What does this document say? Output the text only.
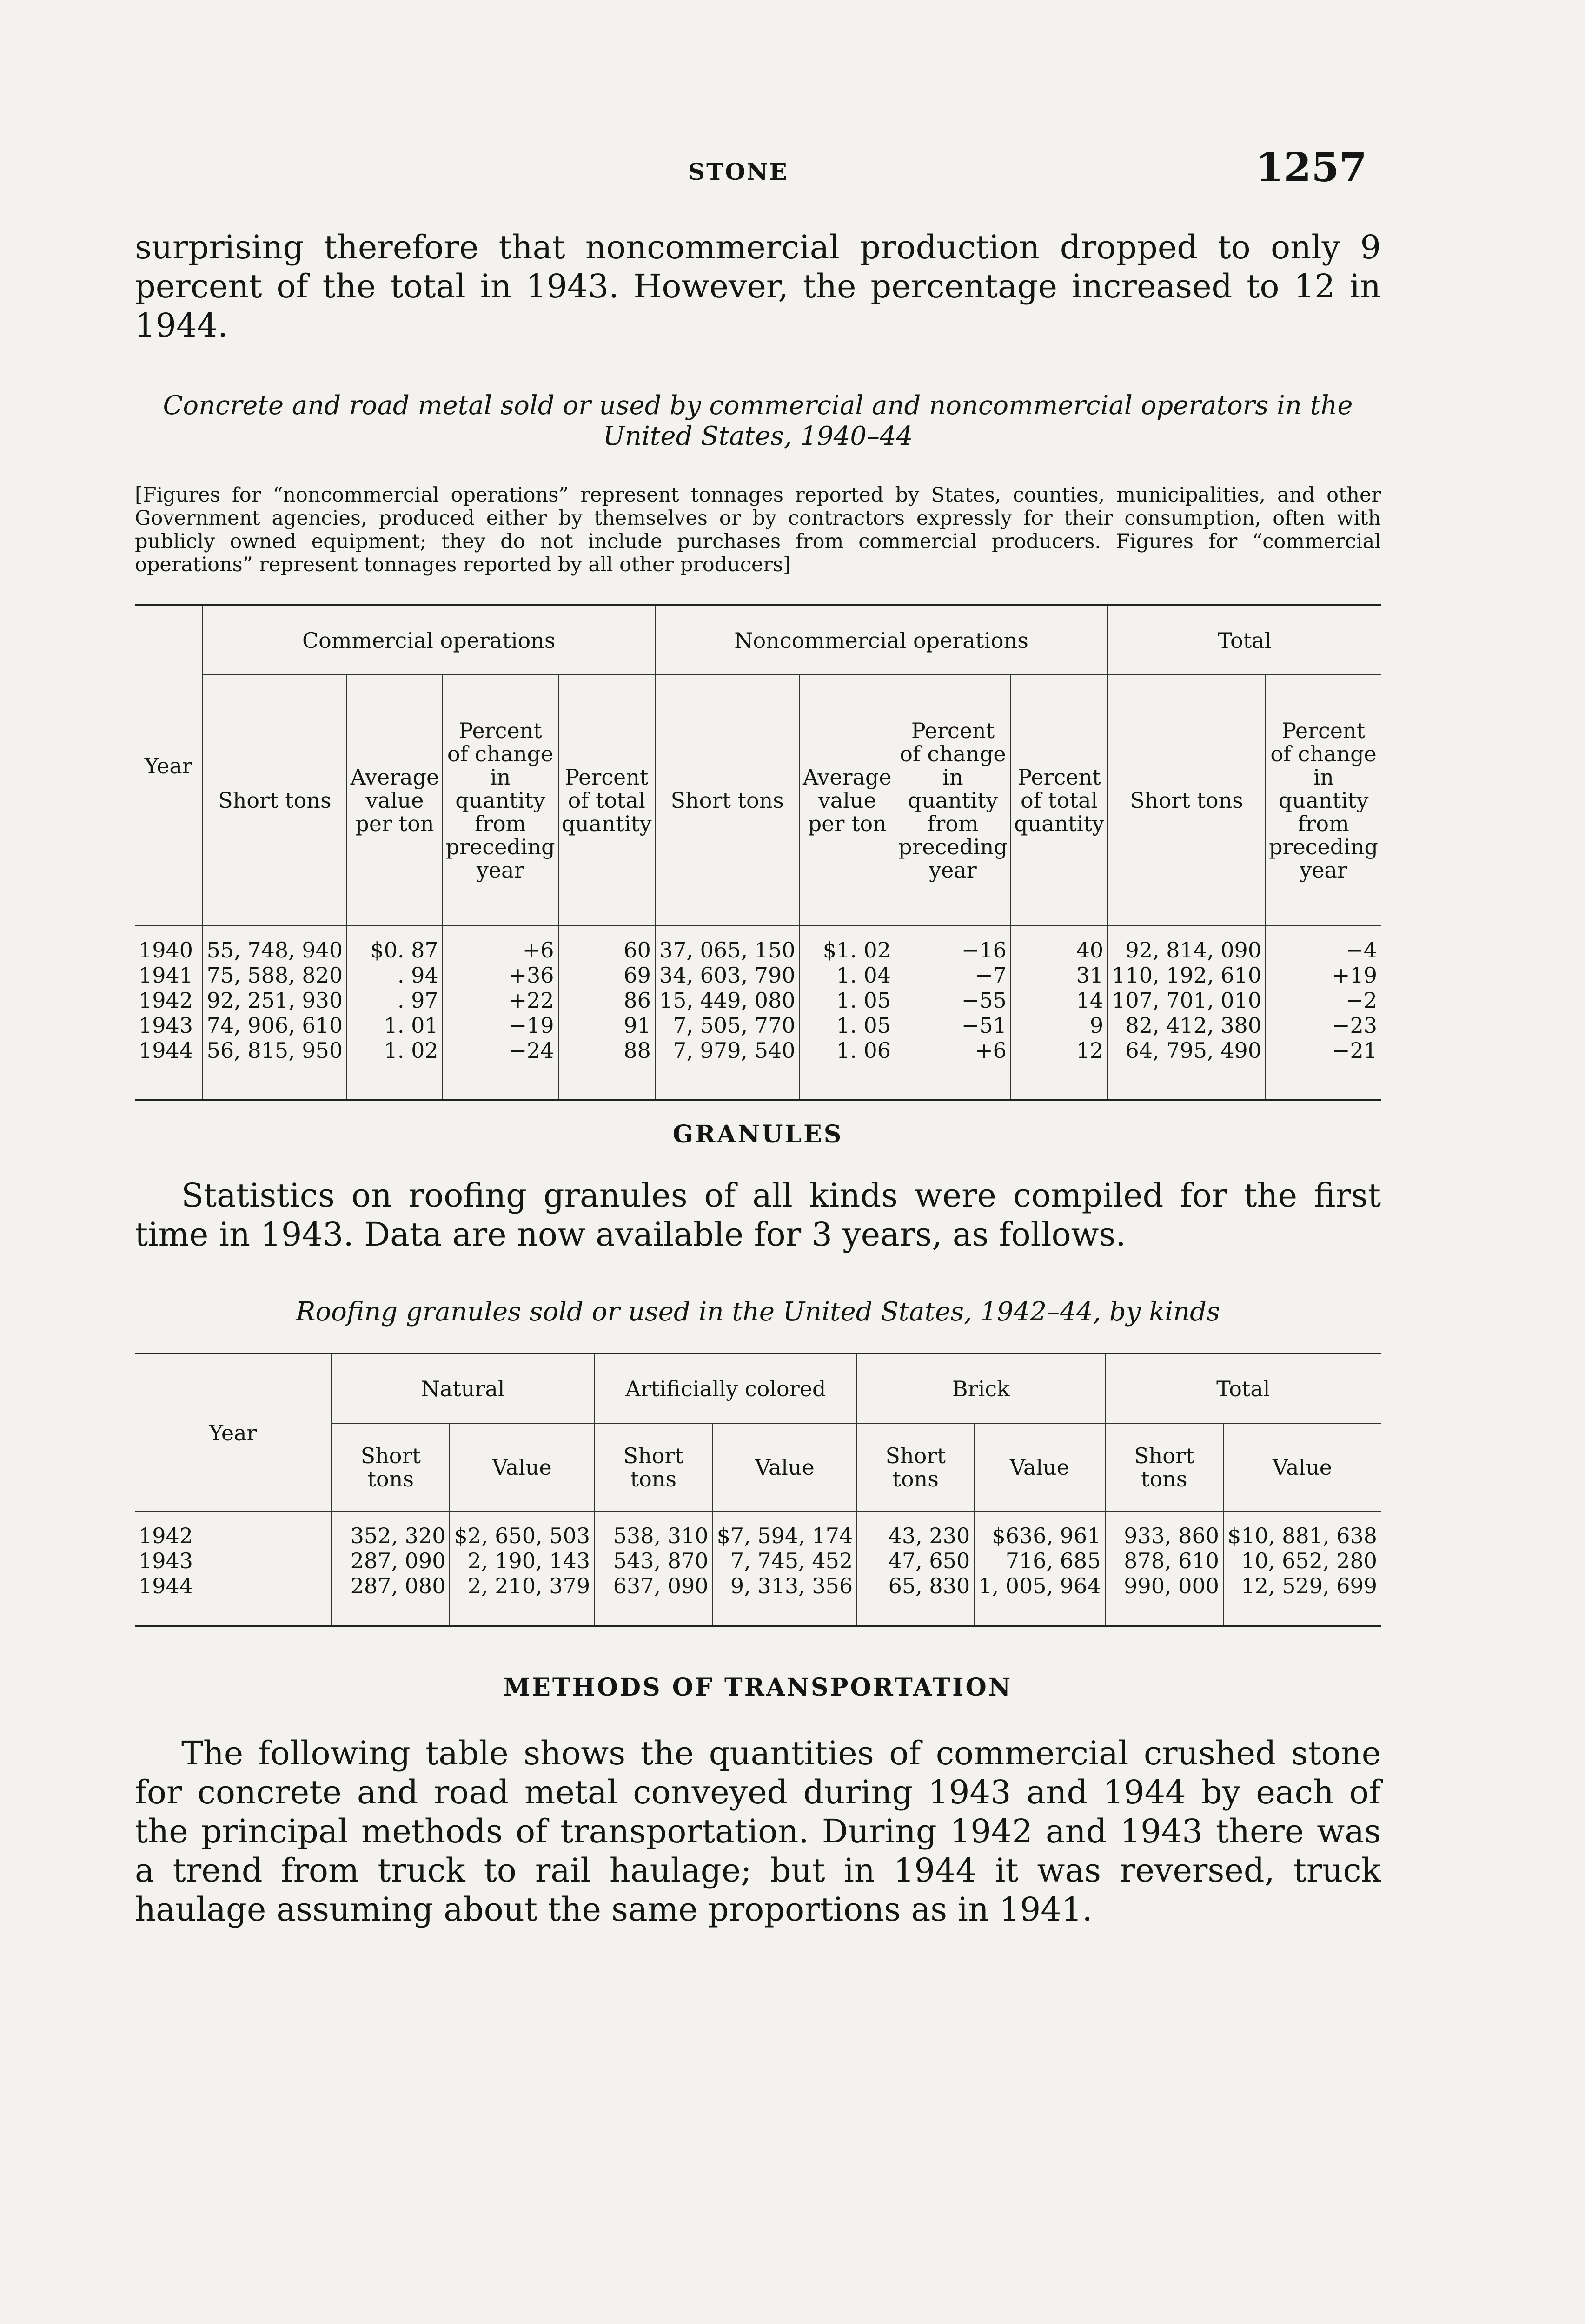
STONE	1257

surprising therefore that noncommercial production dropped to only 9 percent of the total in 1943. However, the percentage increased to 12 in 1944.

Concrete and road metal sold or used by commercial and noncommercial operators in the United States, 1940–44
[Figures for “noncommercial operations” represent tonnages reported by States, counties, municipalities, and other Government agencies, produced either by themselves or by contractors expressly for their consumption, often with publicly owned equipment; they do not include purchases from commercial producers. Figures for “commercial operations” represent tonnages reported by all other producers]
Year	Commercial operations				Noncommercial operations				Total	
	Short tons	Average value per ton	Percent of change in quantity from preceding year	Percent of total quantity	Short tons	Average value per ton	Percent of change in quantity from preceding year	Percent of total quantity	Short tons	Percent of change in quantity from preceding year

1940	55, 748, 940	$0. 87	+6	60	37, 065, 150	$1. 02	−16	40	92, 814, 090	−4
1941	75, 588, 820	. 94	+36	69	34, 603, 790	1. 04	−7	31	110, 192, 610	+19
1942	92, 251, 930	. 97	+22	86	15, 449, 080	1. 05	−55	14	107, 701, 010	−2
1943	74, 906, 610	1. 01	−19	91	7, 505, 770	1. 05	−51	9	82, 412, 380	−23
1944	56, 815, 950	1. 02	−24	88	7, 979, 540	1. 06	+6	12	64, 795, 490	−21

GRANULES

Statistics on roofing granules of all kinds were compiled for the first time in 1943. Data are now available for 3 years, as follows.

Roofing granules sold or used in the United States, 1942–44, by kinds
Year	Natural		Artificially colored		Brick		Total	
	Short tons	Value	Short tons	Value	Short tons	Value	Short tons	Value

1942	352, 320	$2, 650, 503	538, 310	$7, 594, 174	43, 230	$636, 961	933, 860	$10, 881, 638
1943	287, 090	2, 190, 143	543, 870	7, 745, 452	47, 650	716, 685	878, 610	10, 652, 280
1944	287, 080	2, 210, 379	637, 090	9, 313, 356	65, 830	1, 005, 964	990, 000	12, 529, 699

METHODS OF TRANSPORTATION

The following table shows the quantities of commercial crushed stone for concrete and road metal conveyed during 1943 and 1944 by each of the principal methods of transportation. During 1942 and 1943 there was a trend from truck to rail haulage; but in 1944 it was reversed, truck haulage assuming about the same proportions as in 1941.
